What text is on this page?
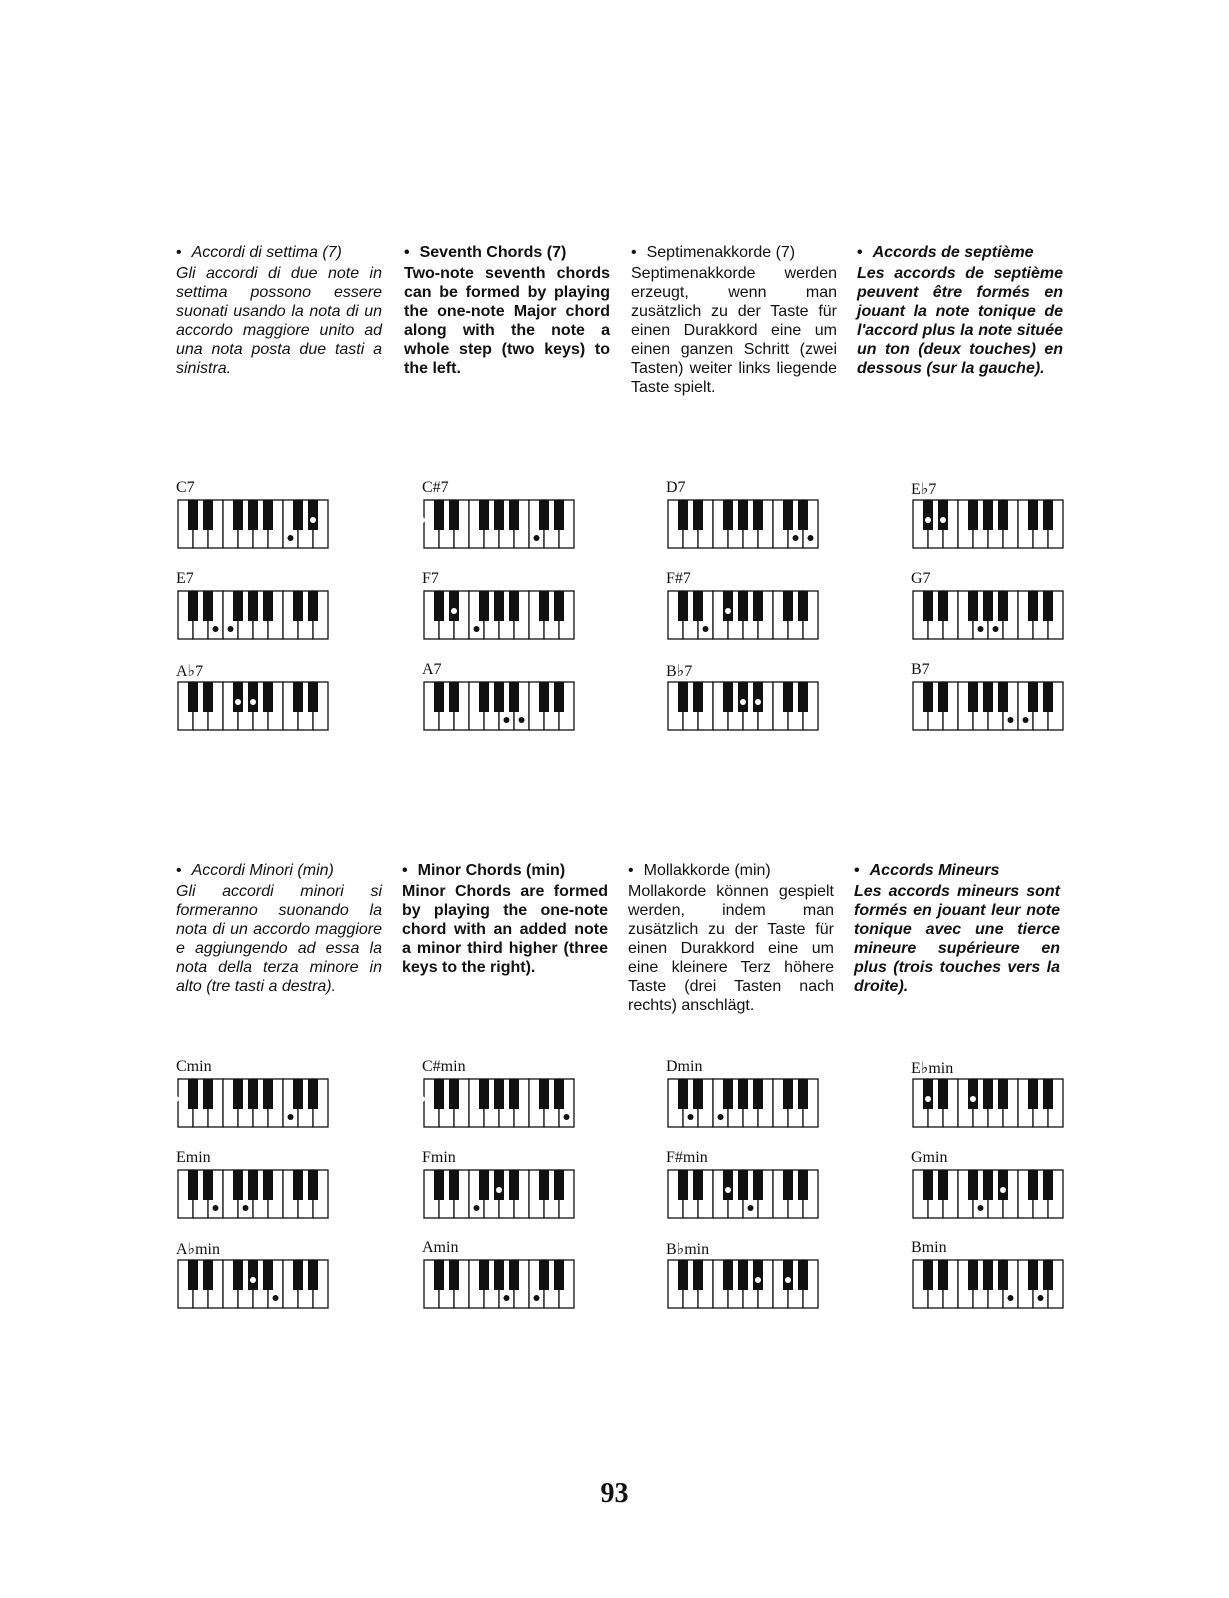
• Accordi di settima (7)
Gli accordi di due note in settima possono essere suonati usando la nota di un accordo maggiore unito ad una nota posta due tasti a sinistra.
• Seventh Chords (7)
Two-note seventh chords can be formed by playing the one-note Major chord along with the note a whole step (two keys) to the left.
• Septimenakkorde (7)
Septimenakkorde werden erzeugt, wenn man zusätzlich zu der Taste für einen Durakkord eine um einen ganzen Schritt (zwei Tasten) weiter links liegende Taste spielt.
• Accords de septième
Les accords de septième peuvent être formés en jouant la note tonique de l'accord plus la note située un ton (deux touches) en dessous (sur la gauche).
C7	C#7	D7	E♭7
E7	F7	F#7	G7
A♭7	A7	B♭7	B7
• Accordi Minori (min)
Gli accordi minori si formeranno suonando la nota di un accordo maggiore e aggiungendo ad essa la nota della terza minore in alto (tre tasti a destra).
• Minor Chords (min)
Minor Chords are formed by playing the one-note chord with an added note a minor third higher (three keys to the right).
• Mollakkorde (min)
Mollakorde können gespielt werden, indem man zusätzlich zu der Taste für einen Durakkord eine um eine kleinere Terz höhere Taste (drei Tasten nach rechts) anschlägt.
• Accords Mineurs
Les accords mineurs sont formés en jouant leur note tonique avec une tierce mineure supérieure en plus (trois touches vers la droite).
Cmin	C#min	Dmin	E♭min
Emin	Fmin	F#min	Gmin
A♭min	Amin	B♭min	Bmin
93
